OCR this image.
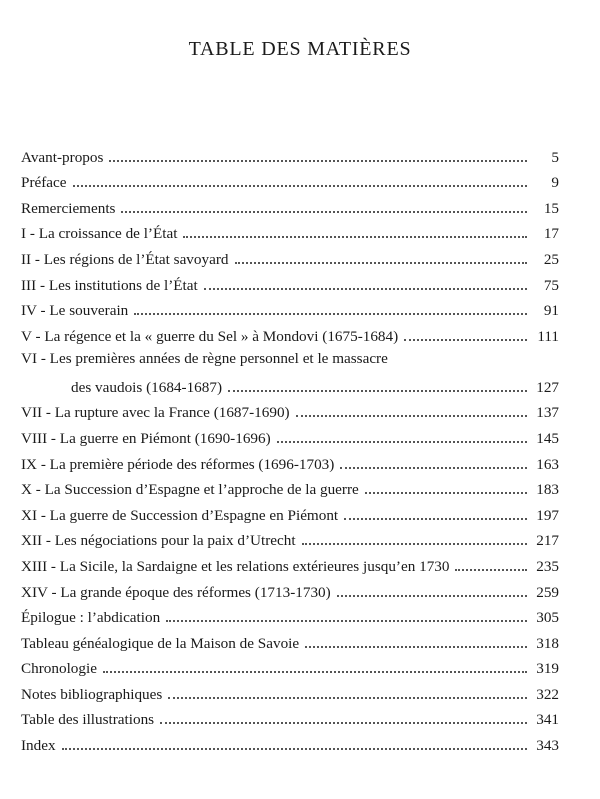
TABLE DES MATIÈRES
Avant-propos	5
Préface	9
Remerciements	15
I - La croissance de l’État	17
II - Les régions de l’État savoyard	25
III - Les institutions de l’État	75
IV - Le souverain	91
V - La régence et la « guerre du Sel » à Mondovi (1675-1684)	111
VI - Les premières années de règne personnel et le massacre
des vaudois (1684-1687)	127
VII - La rupture avec la France (1687-1690)	137
VIII - La guerre en Piémont (1690-1696)	145
IX - La première période des réformes (1696-1703)	163
X - La Succession d’Espagne et l’approche de la guerre	183
XI - La guerre de Succession d’Espagne en Piémont	197
XII - Les négociations pour la paix d’Utrecht	217
XIII - La Sicile, la Sardaigne et les relations extérieures jusqu’en 1730	235
XIV - La grande époque des réformes (1713-1730)	259
Épilogue : l’abdication	305
Tableau généalogique de la Maison de Savoie	318
Chronologie	319
Notes bibliographiques	322
Table des illustrations	341
Index	343
